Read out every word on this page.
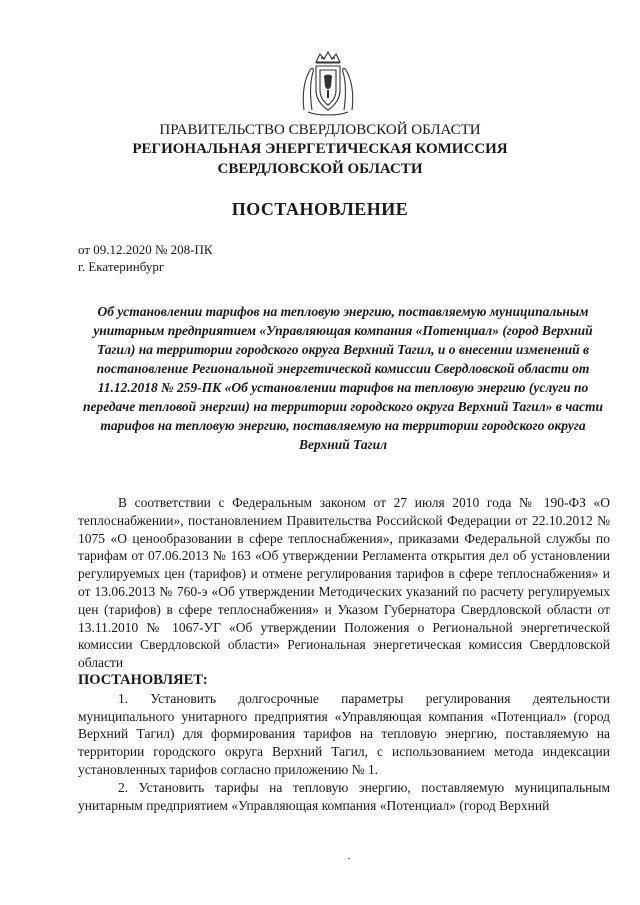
ПРАВИТЕЛЬСТВО СВЕРДЛОВСКОЙ ОБЛАСТИ
РЕГИОНАЛЬНАЯ ЭНЕРГЕТИЧЕСКАЯ КОМИССИЯ
СВЕРДЛОВСКОЙ ОБЛАСТИ
ПОСТАНОВЛЕНИЕ
от 09.12.2020 № 208-ПК
г. Екатеринбург
Об установлении тарифов на тепловую энергию, поставляемую муниципальным унитарным предприятием «Управляющая компания «Потенциал» (город Верхний Тагил) на территории городского округа Верхний Тагил, и о внесении изменений в постановление Региональной энергетической комиссии Свердловской области от 11.12.2018 № 259-ПК «Об установлении тарифов на тепловую энергию (услуги по передаче тепловой энергии) на территории городского округа Верхний Тагил» в части тарифов на тепловую энергию, поставляемую на территории городского округа Верхний Тагил

В соответствии с Федеральным законом от 27 июля 2010 года № 190-ФЗ «О теплоснабжении», постановлением Правительства Российской Федерации от 22.10.2012 № 1075 «О ценообразовании в сфере теплоснабжения», приказами Федеральной службы по тарифам от 07.06.2013 № 163 «Об утверждении Регламента открытия дел об установлении регулируемых цен (тарифов) и отмене регулирования тарифов в сфере теплоснабжения» и от 13.06.2013 № 760-э «Об утверждении Методических указаний по расчету регулируемых цен (тарифов) в сфере теплоснабжения» и Указом Губернатора Свердловской области от 13.11.2010 № 1067-УГ «Об утверждении Положения о Региональной энергетической комиссии Свердловской области» Региональная энергетическая комиссия Свердловской области

ПОСТАНОВЛЯЕТ:

1. Установить долгосрочные параметры регулирования деятельности муниципального унитарного предприятия «Управляющая компания «Потенциал» (город Верхний Тагил) для формирования тарифов на тепловую энергию, поставляемую на территории городского округа Верхний Тагил, с использованием метода индексации установленных тарифов согласно приложению № 1.

2. Установить тарифы на тепловую энергию, поставляемую муниципальным унитарным предприятием «Управляющая компания «Потенциал» (город Верхний
